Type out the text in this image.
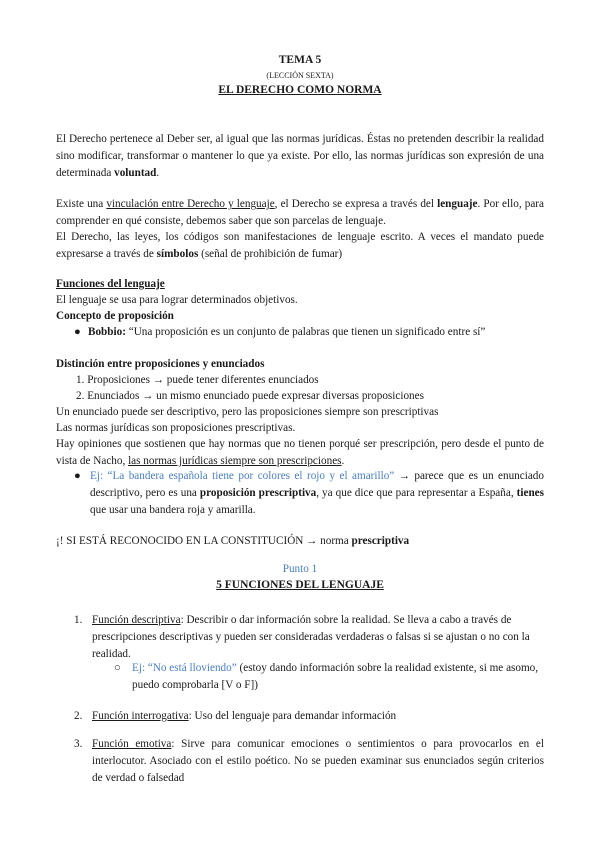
TEMA 5
(LECCIÓN SEXTA)
EL DERECHO COMO NORMA

El Derecho pertenece al Deber ser, al igual que las normas jurídicas. Éstas no pretenden describir la realidad sino modificar, transformar o mantener lo que ya existe. Por ello, las normas jurídicas son expresión de una determinada voluntad.

Existe una vinculación entre Derecho y lenguaje, el Derecho se expresa a través del lenguaje. Por ello, para comprender en qué consiste, debemos saber que son parcelas de lenguaje.

El Derecho, las leyes, los códigos son manifestaciones de lenguaje escrito. A veces el mandato puede expresarse a través de símbolos (señal de prohibición de fumar)

Funciones del lenguaje
El lenguaje se usa para lograr determinados objetivos.
Concepto de proposición
● Bobbio: “Una proposición es un conjunto de palabras que tienen un significado entre sí”
Distinción entre proposiciones y enunciados
1. Proposiciones → puede tener diferentes enunciados
2. Enunciados → un mismo enunciado puede expresar diversas proposiciones
Un enunciado puede ser descriptivo, pero las proposiciones siempre son prescriptivas
Las normas jurídicas son proposiciones prescriptivas.

Hay opiniones que sostienen que hay normas que no tienen porqué ser prescripción, pero desde el punto de vista de Nacho, las normas jurídicas siempre son prescripciones.

● Ej: “La bandera española tiene por colores el rojo y el amarillo” → parece que es un enunciado descriptivo, pero es una proposición prescriptiva, ya que dice que para representar a España, tienes que usar una bandera roja y amarilla.

¡! SI ESTÁ RECONOCIDO EN LA CONSTITUCIÓN → norma prescriptiva
Punto 1
5 FUNCIONES DEL LENGUAJE
1. Función descriptiva: Describir o dar información sobre la realidad. Se lleva a cabo a través de prescripciones descriptivas y pueden ser consideradas verdaderas o falsas si se ajustan o no con la realidad.

○ Ej: “No está lloviendo” (estoy dando información sobre la realidad existente, si me asomo, puedo comprobarla [V o F])

2. Función interrogativa: Uso del lenguaje para demandar información

3. Función emotiva: Sirve para comunicar emociones o sentimientos o para provocarlos en el interlocutor. Asociado con el estilo poético. No se pueden examinar sus enunciados según criterios de verdad o falsedad
